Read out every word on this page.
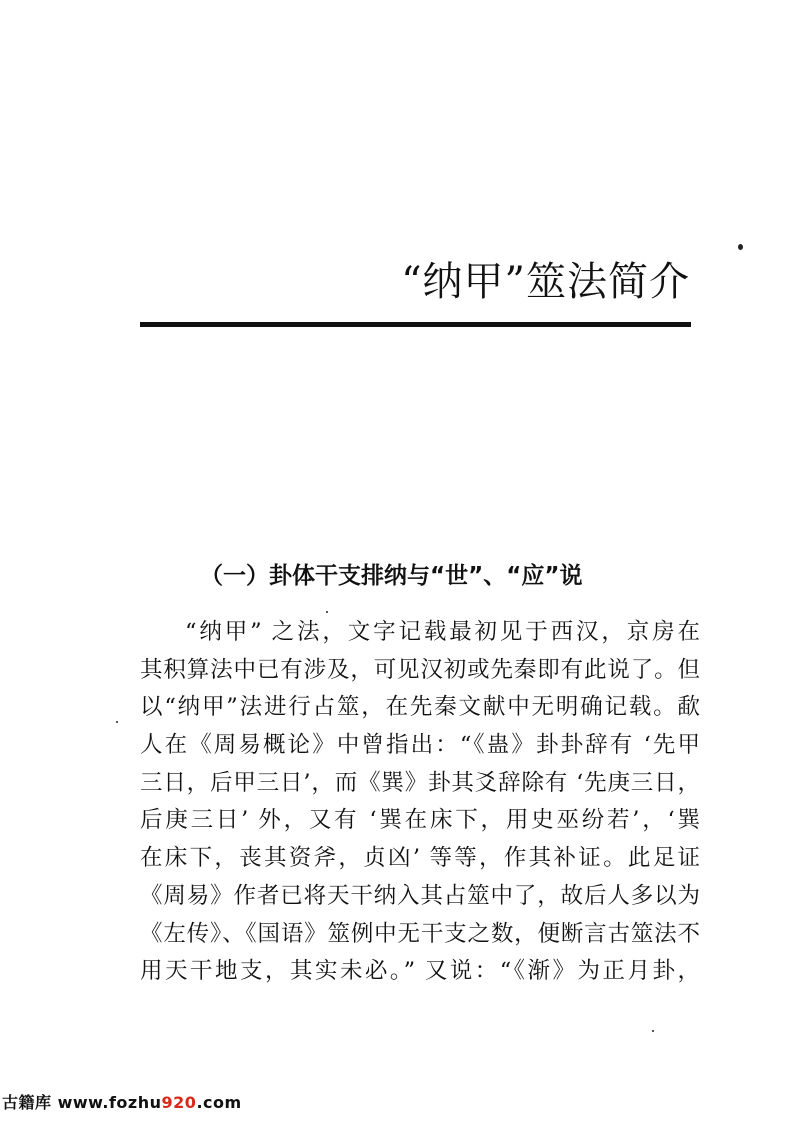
“纳甲”筮法简介
（一）卦体干支排纳与“世”、“应”说
“纳甲” 之法，文字记载最初见于西汉，京房在
其积算法中已有涉及，可见汉初或先秦即有此说了。但
以“纳甲”法进行占筮，在先秦文献中无明确记载。歃
人在《周易概论》中曾指出：“《蛊》卦卦辞有 ‘先甲
三日，后甲三日’，而《巽》卦其爻辞除有 ‘先庚三日，
后庚三日’ 外，又有 ‘巽在床下，用史巫纷若’，‘巽
在床下，丧其资斧，贞凶’ 等等，作其补证。此足证
《周易》作者已将天干纳入其占筮中了，故后人多以为
《左传》、《国语》筮例中无干支之数，便断言古筮法不
用天干地支，其实未必。” 又说：“《渐》为正月卦，
古籍库 www.fozhu920.com
